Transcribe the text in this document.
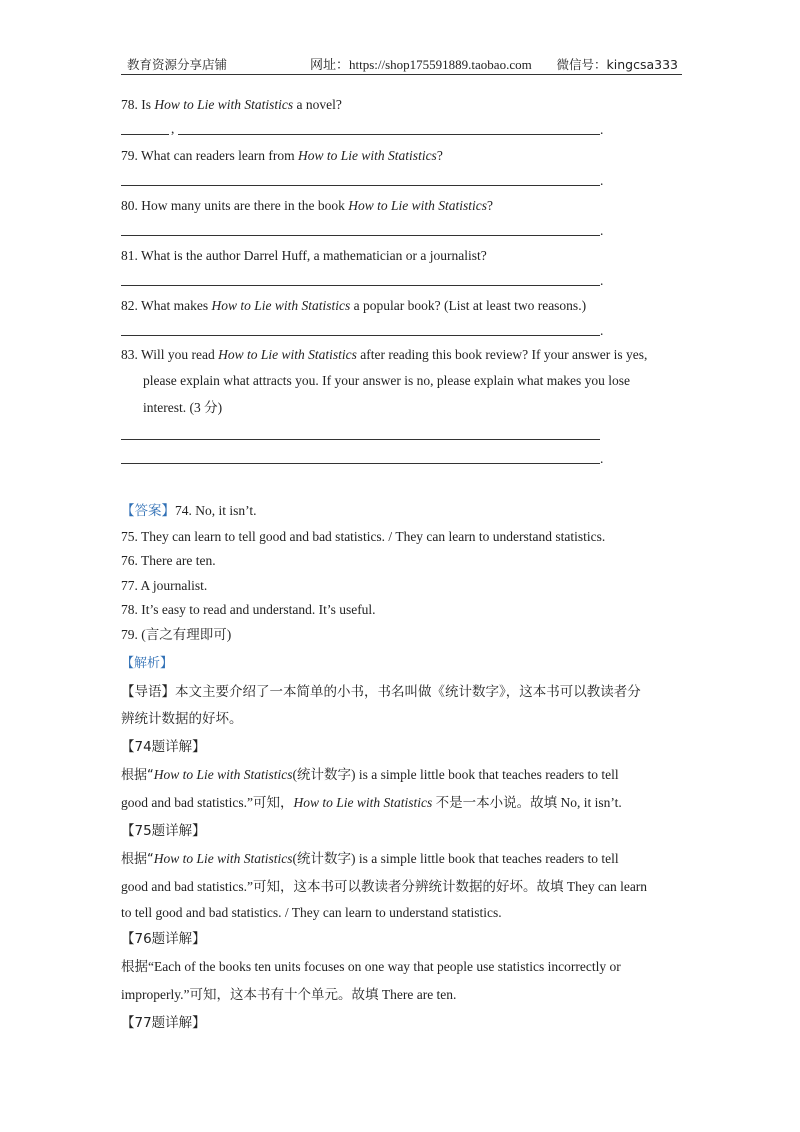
教育资源分享店铺	网址：https://shop175591889.taobao.com 微信号：kingcsa333
78. Is How to Lie with Statistics a novel?
,	.
79. What can readers learn from How to Lie with Statistics?
.
80. How many units are there in the book How to Lie with Statistics?
.
81. What is the author Darrel Huff, a mathematician or a journalist?
.
82. What makes How to Lie with Statistics a popular book? (List at least two reasons.)
.
83. Will you read How to Lie with Statistics after reading this book review? If your answer is yes,
please explain what attracts you. If your answer is no, please explain what makes you lose
interest. (3 分)
.
【答案】74. No, it isn’t.
75. They can learn to tell good and bad statistics. / They can learn to understand statistics.
76. There are ten.
77. A journalist.
78. It’s easy to read and understand. It’s useful.
79. (言之有理即可)
【解析】
【导语】本文主要介绍了一本简单的小书，书名叫做《统计数字》，这本书可以教读者分
辨统计数据的好坏。
【74题详解】
根据“How to Lie with Statistics(统计数字) is a simple little book that teaches readers to tell
good and bad statistics.”可知，How to Lie with Statistics 不是一本小说。故填 No, it isn’t.
【75题详解】
根据“How to Lie with Statistics(统计数字) is a simple little book that teaches readers to tell
good and bad statistics.”可知，这本书可以教读者分辨统计数据的好坏。故填 They can learn
to tell good and bad statistics. / They can learn to understand statistics.
【76题详解】
根据“Each of the books ten units focuses on one way that people use statistics incorrectly or
improperly.”可知，这本书有十个单元。故填 There are ten.
【77题详解】
